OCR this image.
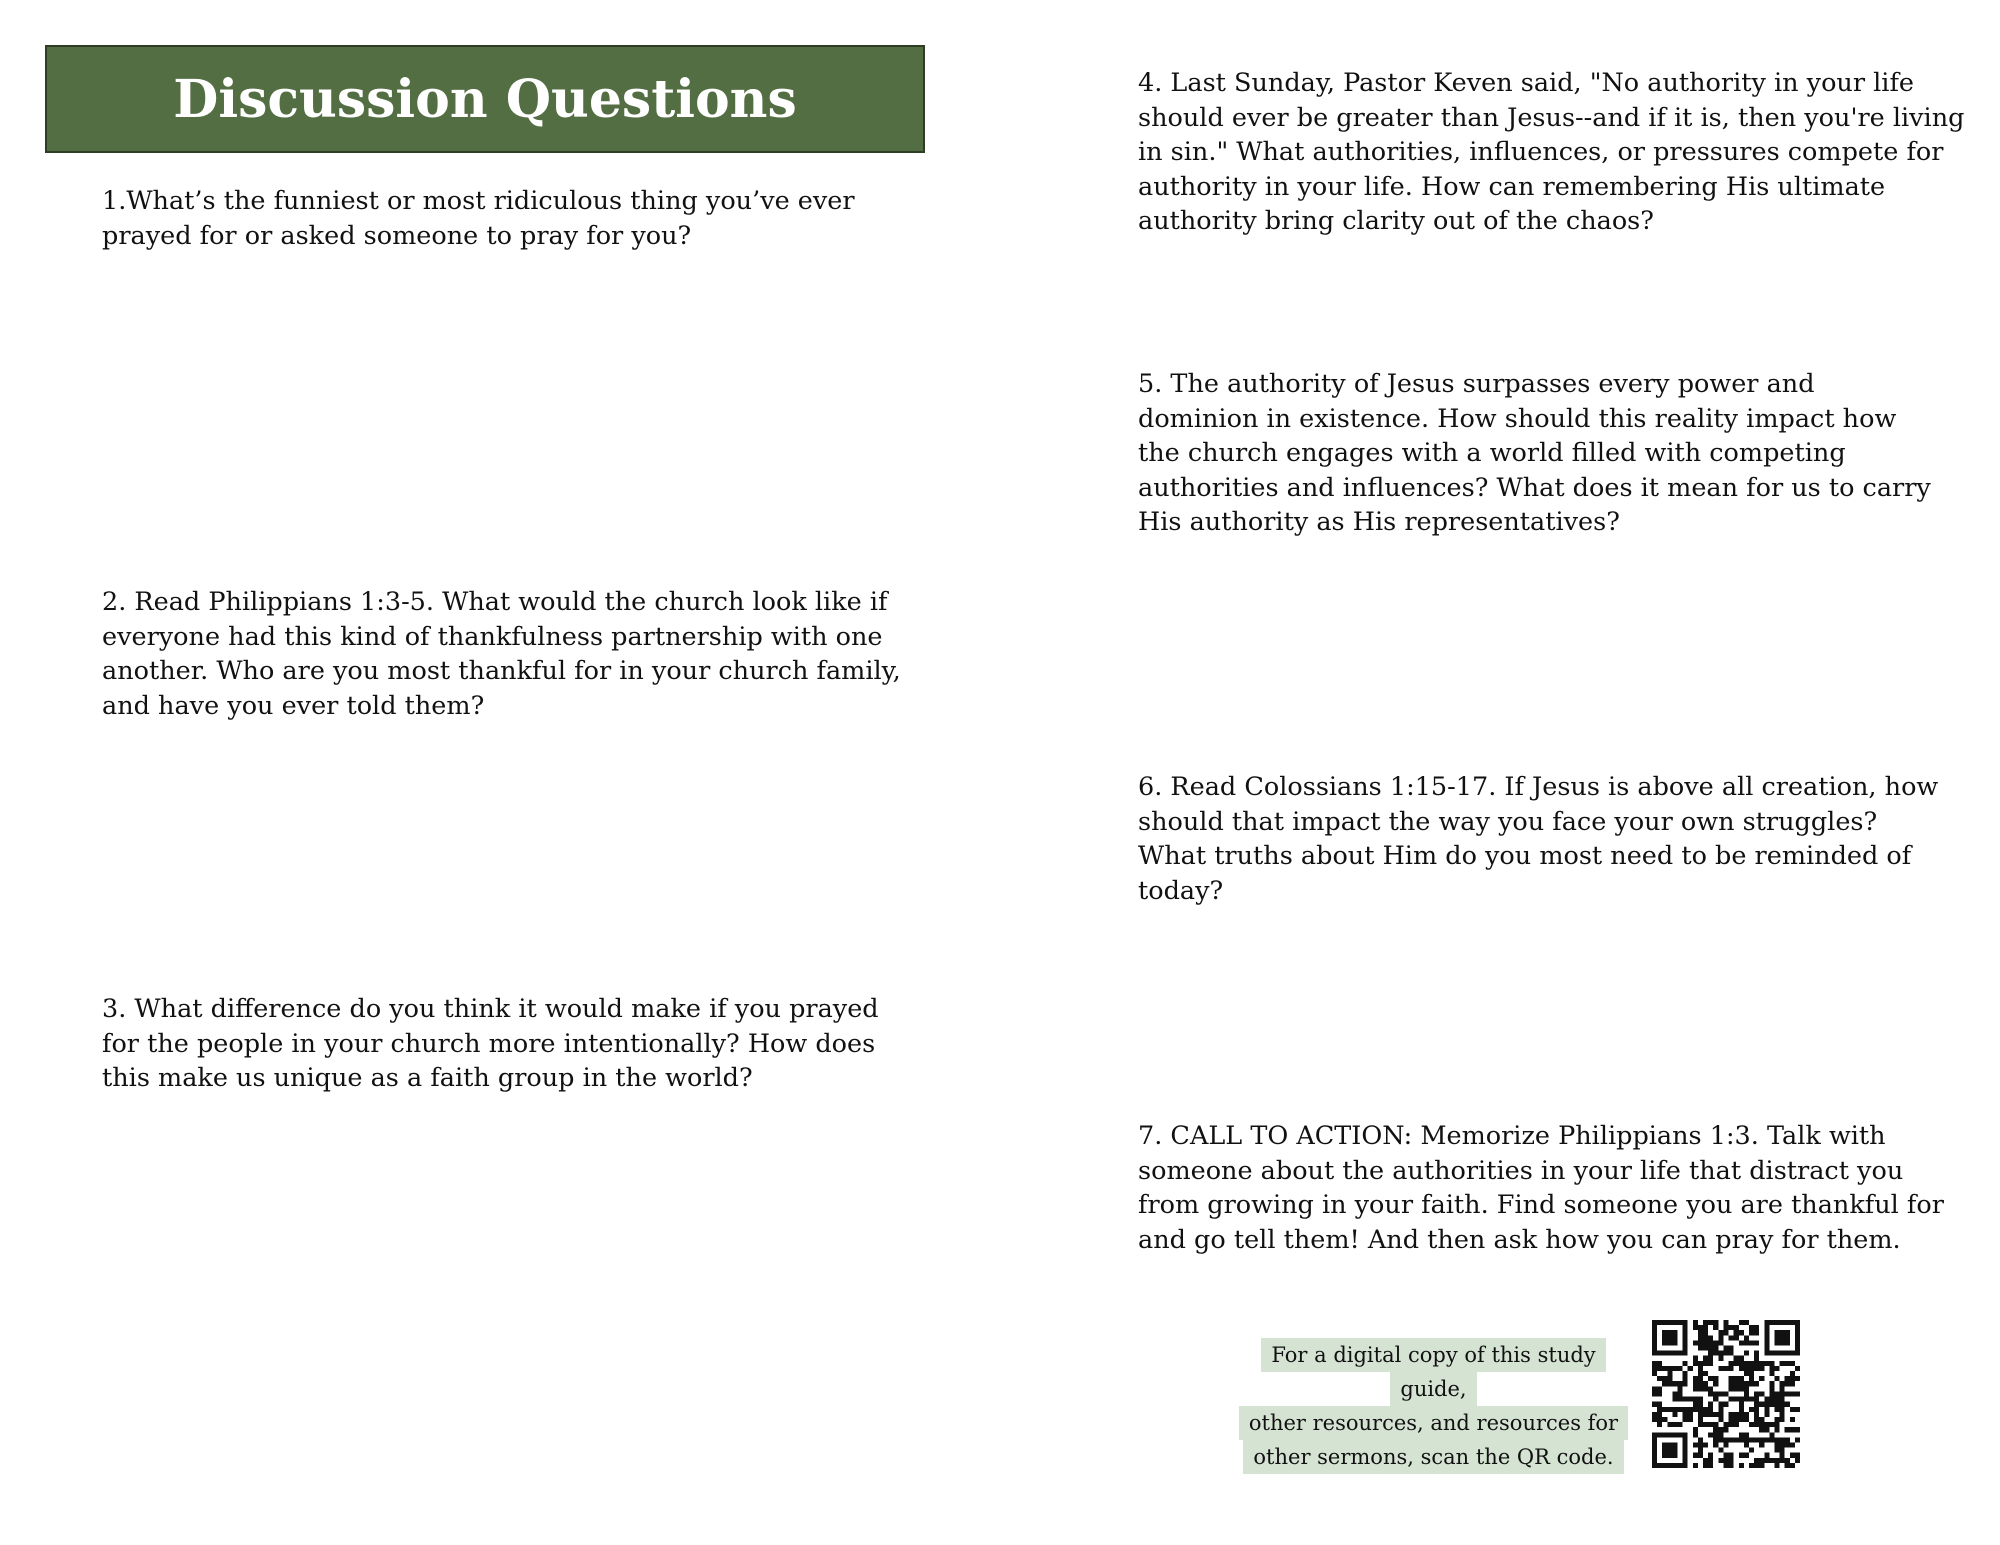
Discussion Questions

1.What’s the funniest or most ridiculous thing you’ve ever
prayed for or asked someone to pray for you?

2. Read Philippians 1:3-5. What would the church look like if
everyone had this kind of thankfulness partnership with one
another. Who are you most thankful for in your church family,
and have you ever told them?

3. What difference do you think it would make if you prayed
for the people in your church more intentionally? How does
this make us unique as a faith group in the world?

4. Last Sunday, Pastor Keven said, "No authority in your life
should ever be greater than Jesus--and if it is, then you're living
in sin." What authorities, influences, or pressures compete for
authority in your life. How can remembering His ultimate
authority bring clarity out of the chaos?

5. The authority of Jesus surpasses every power and
dominion in existence. How should this reality impact how
the church engages with a world filled with competing
authorities and influences? What does it mean for us to carry
His authority as His representatives?

6. Read Colossians 1:15-17. If Jesus is above all creation, how
should that impact the way you face your own struggles?
What truths about Him do you most need to be reminded of
today?

7. CALL TO ACTION: Memorize Philippians 1:3. Talk with
someone about the authorities in your life that distract you
from growing in your faith. Find someone you are thankful for
and go tell them! And then ask how you can pray for them.

For a digital copy of this study guide,
other resources, and resources for
other sermons, scan the QR code.
